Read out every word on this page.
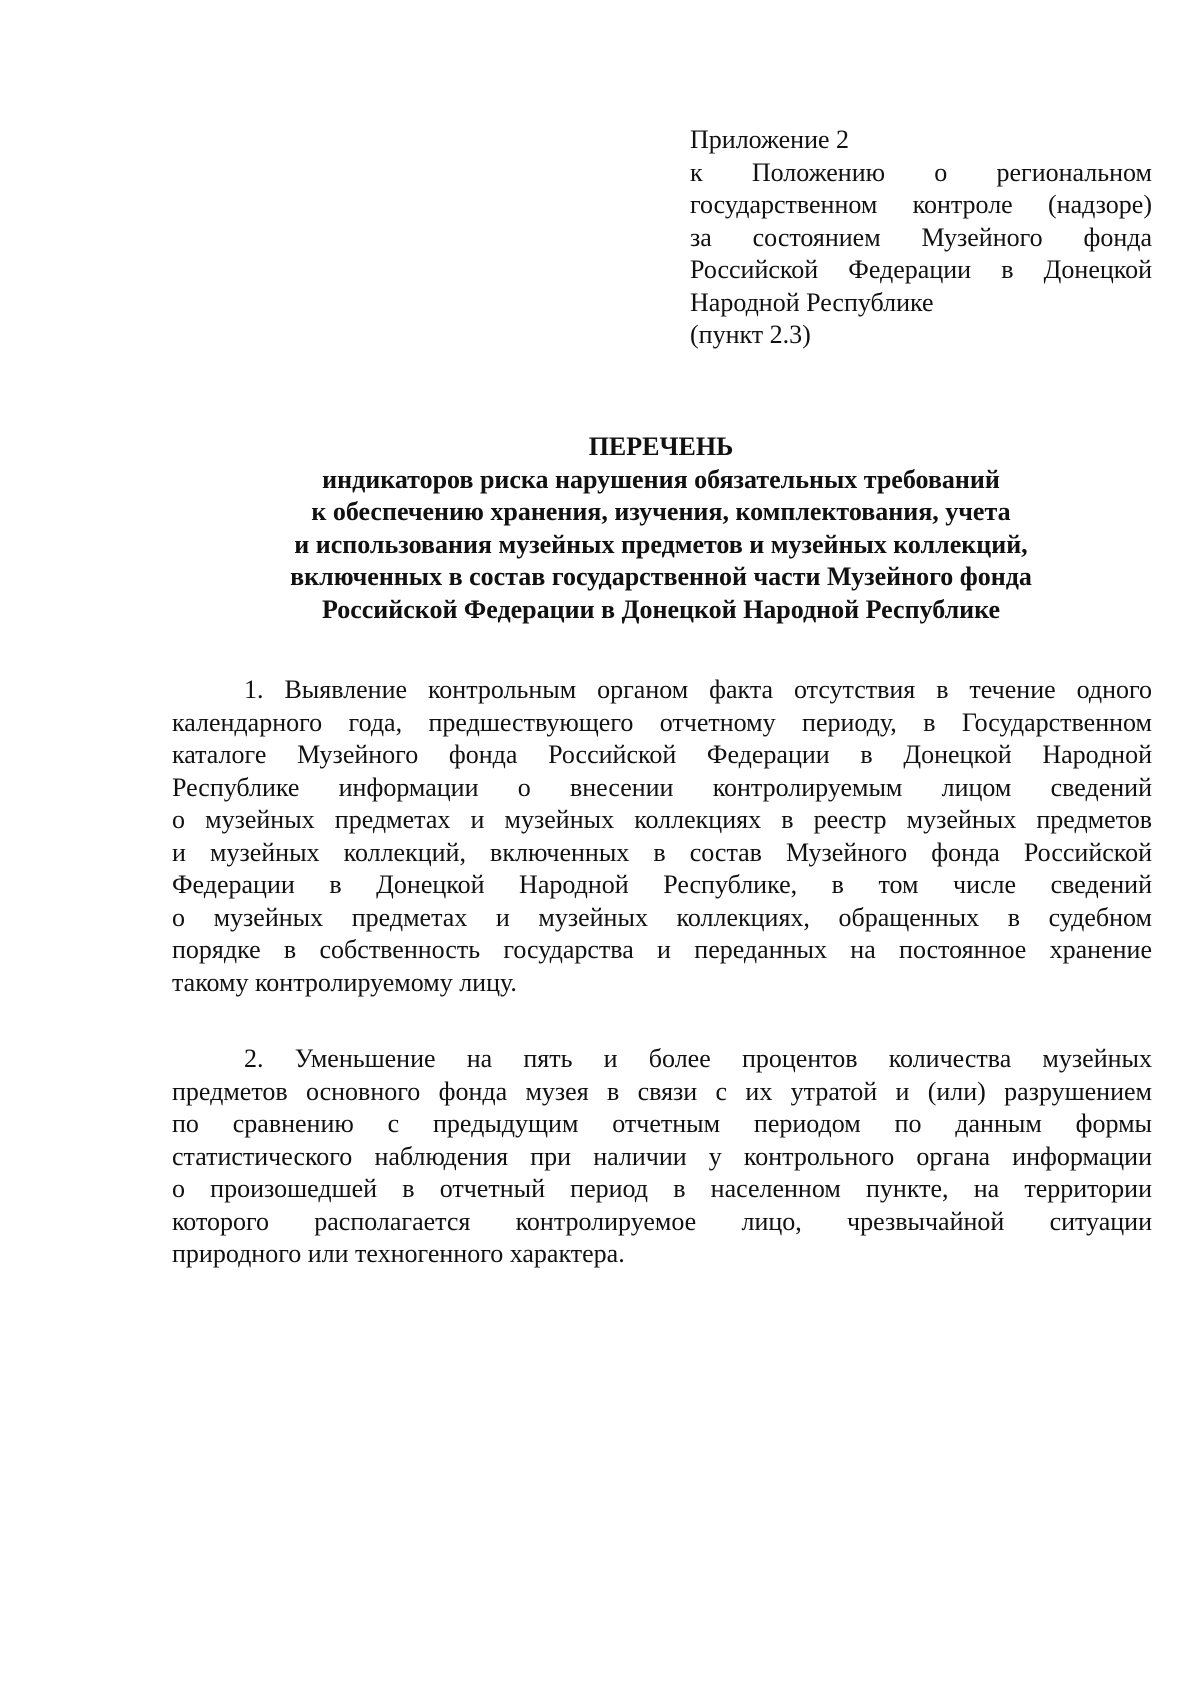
Приложение 2
к Положению о региональном
государственном контроле (надзоре)
за состоянием Музейного фонда
Российской Федерации в Донецкой
Народной Республике
(пункт 2.3)
ПЕРЕЧЕНЬ
индикаторов риска нарушения обязательных требований
к обеспечению хранения, изучения, комплектования, учета
и использования музейных предметов и музейных коллекций,
включенных в состав государственной части Музейного фонда
Российской Федерации в Донецкой Народной Республике
1. Выявление контрольным органом факта отсутствия в течение одного
календарного года, предшествующего отчетному периоду, в Государственном
каталоге Музейного фонда Российской Федерации в Донецкой Народной
Республике информации о внесении контролируемым лицом сведений
о музейных предметах и музейных коллекциях в реестр музейных предметов
и музейных коллекций, включенных в состав Музейного фонда Российской
Федерации в Донецкой Народной Республике, в том числе сведений
о музейных предметах и музейных коллекциях, обращенных в судебном
порядке в собственность государства и переданных на постоянное хранение
такому контролируемому лицу.
2. Уменьшение на пять и более процентов количества музейных
предметов основного фонда музея в связи с их утратой и (или) разрушением
по сравнению с предыдущим отчетным периодом по данным формы
статистического наблюдения при наличии у контрольного органа информации
о произошедшей в отчетный период в населенном пункте, на территории
которого располагается контролируемое лицо, чрезвычайной ситуации
природного или техногенного характера.
